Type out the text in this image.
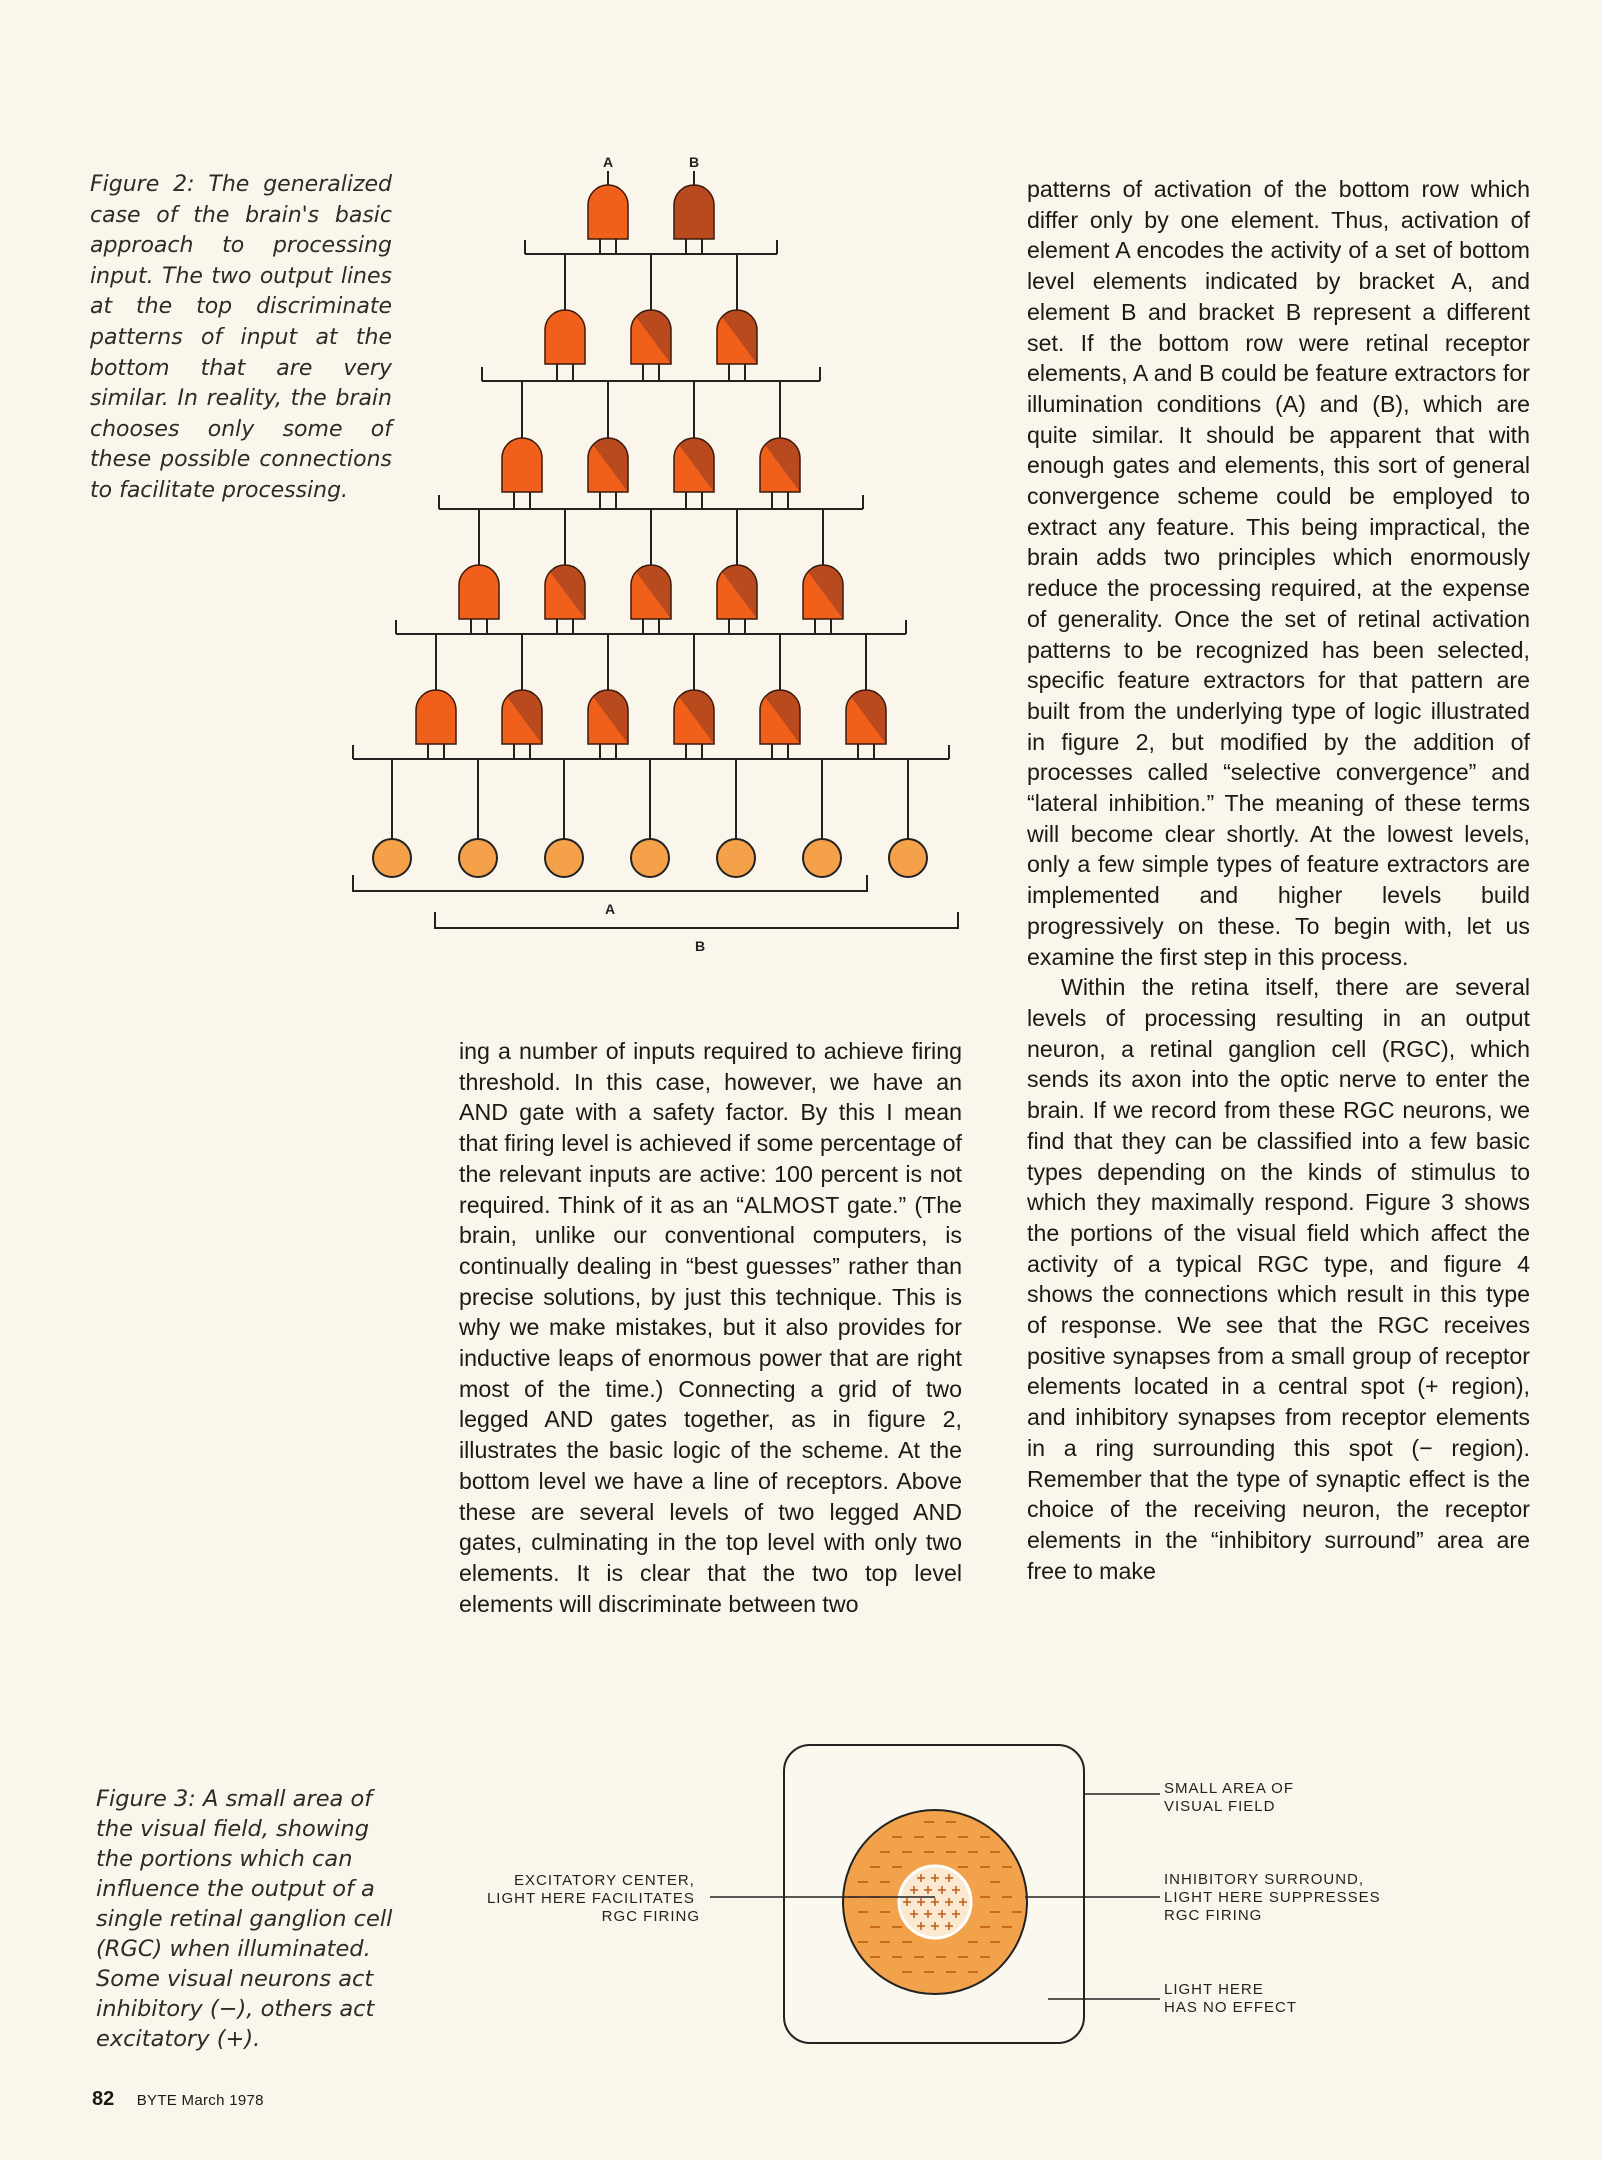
Figure 2: The generalized case of the brain's basic approach to processing input. The two output lines at the top discriminate patterns of input at the bottom that are very similar. In reality, the brain chooses only some of these possible connections to facilitate processing.

A	B
A
B

patterns of activation of the bottom row which differ only by one element. Thus, activation of element A encodes the activity of a set of bottom level elements indicated by bracket A, and element B and bracket B represent a different set. If the bottom row were retinal receptor elements, A and B could be feature extractors for illumination conditions (A) and (B), which are quite similar. It should be apparent that with enough gates and elements, this sort of general convergence scheme could be employed to extract any feature. This being impractical, the brain adds two principles which enormously reduce the processing required, at the expense of generality. Once the set of retinal activation patterns to be recognized has been selected, specific feature extractors for that pattern are built from the underlying type of logic illustrated in figure 2, but modified by the addition of processes called “selective convergence” and “lateral inhibition.” The meaning of these terms will become clear shortly. At the lowest levels, only a few simple types of feature extractors are implemented and higher levels build progressively on these. To begin with, let us examine the first step in this process.

Within the retina itself, there are several levels of processing resulting in an output neuron, a retinal ganglion cell (RGC), which sends its axon into the optic nerve to enter the brain. If we record from these RGC neurons, we find that they can be classified into a few basic types depending on the kinds of stimulus to which they maximally respond. Figure 3 shows the portions of the visual field which affect the activity of a typical RGC type, and figure 4 shows the connections which result in this type of response. We see that the RGC receives positive synapses from a small group of receptor elements located in a central spot (+ region), and inhibitory synapses from receptor elements in a ring surrounding this spot (− region). Remember that the type of synaptic effect is the choice of the receiving neuron, the receptor elements in the “inhibitory surround” area are free to make

ing a number of inputs required to achieve firing threshold. In this case, however, we have an AND gate with a safety factor. By this I mean that firing level is achieved if some percentage of the relevant inputs are active: 100 percent is not required. Think of it as an “ALMOST gate.” (The brain, unlike our conventional computers, is continually dealing in “best guesses” rather than precise solutions, by just this technique. This is why we make mistakes, but it also provides for inductive leaps of enormous power that are right most of the time.) Connecting a grid of two legged AND gates together, as in figure 2, illustrates the basic logic of the scheme. At the bottom level we have a line of receptors. Above these are several levels of two legged AND gates, culminating in the top level with only two elements. It is clear that the two top level elements will discriminate between two

Figure 3: A small area of the visual field, showing the portions which can influence the output of a single retinal ganglion cell (RGC) when illuminated. Some visual neurons act inhibitory (−), others act excitatory (+).

EXCITATORY CENTER, LIGHT HERE FACILITATES RGC FIRING
SMALL AREA OF VISUAL FIELD
INHIBITORY SURROUND, LIGHT HERE SUPPRESSES RGC FIRING
LIGHT HERE HAS NO EFFECT
82 BYTE March 1978
